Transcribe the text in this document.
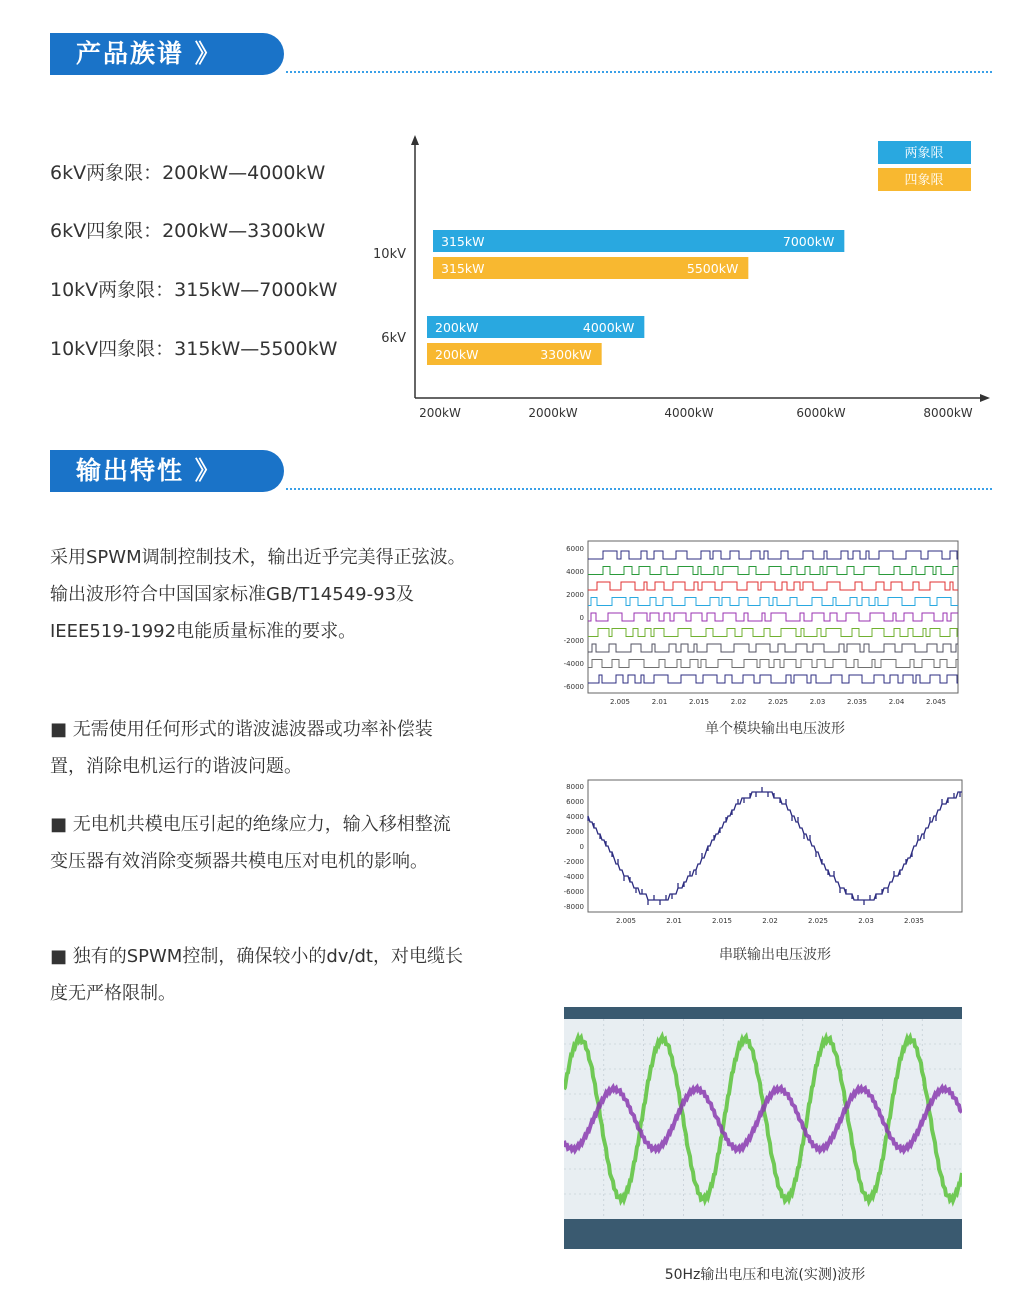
产品族谱 》
6kV两象限：200kW—4000kW
6kV四象限：200kW—3300kW
10kV两象限：315kW—7000kW
10kV四象限：315kW—5500kW
200kW	2000kW	4000kW	6000kW	8000kW
10kV
6kV
315kW	7000kW
200kW	4000kW
315kW	5500kW
200kW	3300kW
两象限
四象限
输出特性 》
采用SPWM调制控制技术，输出近乎完美得正弦波。输出波形符合中国国家标准GB/T14549-93及IEEE519-1992电能质量标准的要求。
■ 无需使用任何形式的谐波滤波器或功率补偿装置，消除电机运行的谐波问题。
■ 无电机共模电压引起的绝缘应力，输入移相整流变压器有效消除变频器共模电压对电机的影响。
■ 独有的SPWM控制，确保较小的dv/dt，对电缆长度无严格限制。
6000
4000
2000
0
-2000
-4000
-6000
2.005	2.01	2.015	2.02	2.025	2.03	2.035	2.04	2.045
单个模块输出电压波形
8000
6000
4000
2000
0
-2000
-4000
-6000
-8000
2.005	2.01	2.015	2.02	2.025	2.03	2.035
串联输出电压波形
50Hz输出电压和电流(实测)波形
